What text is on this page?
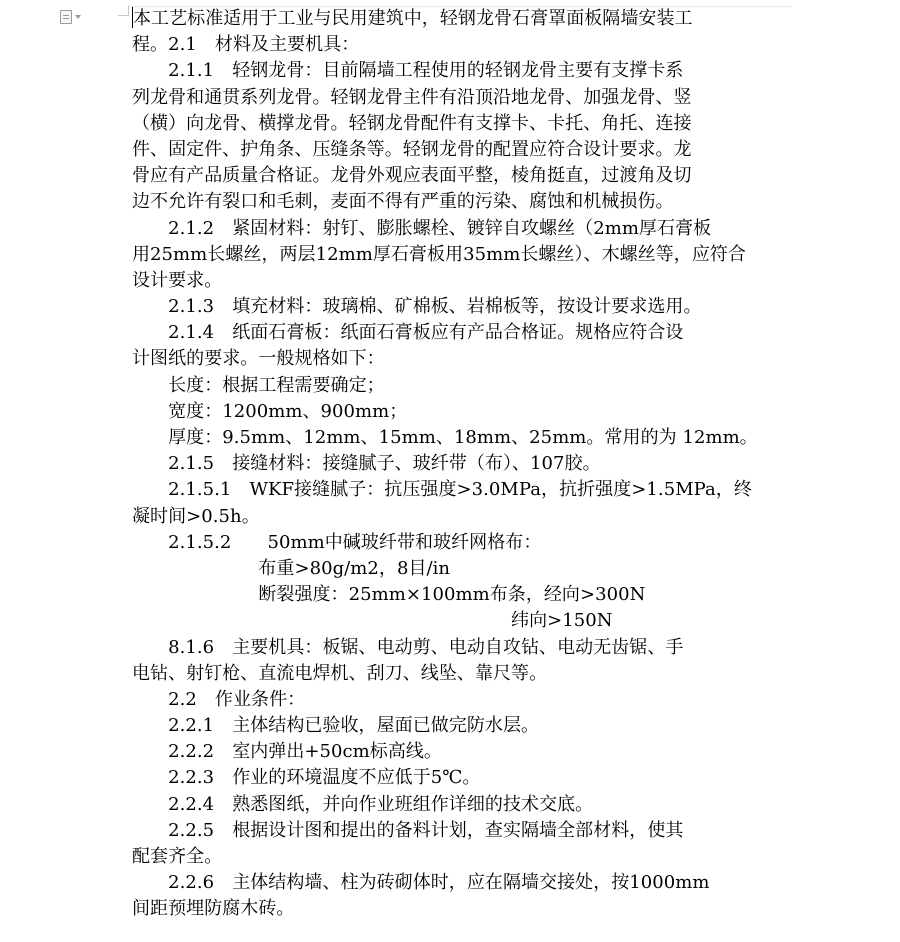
本工艺标准适用于工业与民用建筑中，轻钢龙骨石膏罩面板隔墙安装工
程。2.1　材料及主要机具：
　　2.1.1　轻钢龙骨：目前隔墙工程使用的轻钢龙骨主要有支撑卡系
列龙骨和通贯系列龙骨。轻钢龙骨主件有沿顶沿地龙骨、加强龙骨、竖
（横）向龙骨、横撑龙骨。轻钢龙骨配件有支撑卡、卡托、角托、连接
件、固定件、护角条、压缝条等。轻钢龙骨的配置应符合设计要求。龙
骨应有产品质量合格证。龙骨外观应表面平整，棱角挺直，过渡角及切
边不允许有裂口和毛刺，麦面不得有严重的污染、腐蚀和机械损伤。
　　2.1.2　紧固材料：射钉、膨胀螺栓、镀锌自攻螺丝（2mm厚石膏板
用25mm长螺丝，两层12mm厚石膏板用35mm长螺丝）、木螺丝等，应符合
设计要求。
　　2.1.3　填充材料：玻璃棉、矿棉板、岩棉板等，按设计要求选用。
　　2.1.4　纸面石膏板：纸面石膏板应有产品合格证。规格应符合设
计图纸的要求。一般规格如下：
　　长度：根据工程需要确定；
　　宽度：1200mm、900mm；
　　厚度：9.5mm、12mm、15mm、18mm、25mm。常用的为 12mm。
　　2.1.5　接缝材料：接缝腻子、玻纤带（布）、107胶。
　　2.1.5.1　WKF接缝腻子：抗压强度>3.0MPa，抗折强度>1.5MPa，终
凝时间>0.5h。
　　2.1.5.2　　50mm中碱玻纤带和玻纤网格布：
　　　　　　　布重>80g/m2，8目/in
　　　　　　　断裂强度：25mm×100mm布条，经向>300N
　　　　　　　　　　　　　　　　　　　　　纬向>150N
　　8.1.6　主要机具：板锯、电动剪、电动自攻钻、电动无齿锯、手
电钻、射钉枪、直流电焊机、刮刀、线坠、靠尺等。
　　2.2　作业条件：
　　2.2.1　主体结构已验收，屋面已做完防水层。
　　2.2.2　室内弹出+50cm标高线。
　　2.2.3　作业的环境温度不应低于5℃。
　　2.2.4　熟悉图纸，并向作业班组作详细的技术交底。
　　2.2.5　根据设计图和提出的备料计划，查实隔墙全部材料，使其
配套齐全。
　　2.2.6　主体结构墙、柱为砖砌体时，应在隔墙交接处，按1000mm
间距预埋防腐木砖。
